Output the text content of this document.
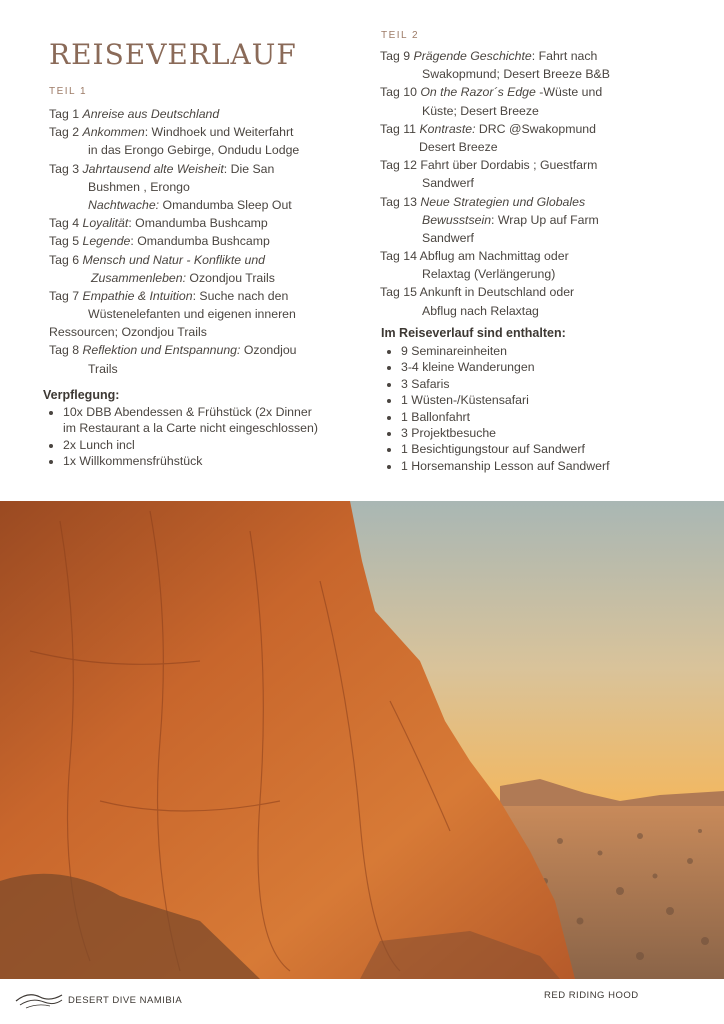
REISEVERLAUF
TEIL 1
Tag 1 Anreise aus Deutschland
Tag 2 Ankommen: Windhoek und Weiterfahrt
in das Erongo Gebirge, Ondudu Lodge
Tag 3 Jahrtausend alte Weisheit: Die San
Bushmen , Erongo
Nachtwache: Omandumba Sleep Out
Tag 4 Loyalität: Omandumba Bushcamp
Tag 5 Legende: Omandumba Bushcamp
Tag 6 Mensch und Natur - Konflikte und
Zusammenleben: Ozondjou Trails
Tag 7 Empathie & Intuition: Suche nach den
Wüstenelefanten und eigenen inneren
Ressourcen; Ozondjou Trails
Tag 8 Reflektion und Entspannung: Ozondjou
Trails
Verpflegung:
• 10x DBB Abendessen & Frühstück (2x Dinner
im Restaurant a la Carte nicht eingeschlossen)
• 2x Lunch incl
• 1x Willkommensfrühstück
TEIL 2
Tag 9 Prägende Geschichte: Fahrt nach
Swakopmund; Desert Breeze B&B
Tag 10 On the Razor´s Edge -Wüste und
Küste; Desert Breeze
Tag 11 Kontraste: DRC @Swakopmund
Desert Breeze
Tag 12 Fahrt über Dordabis ; Guestfarm
Sandwerf
Tag 13 Neue Strategien und Globales
Bewusstsein: Wrap Up auf Farm
Sandwerf
Tag 14 Abflug am Nachmittag oder
Relaxtag (Verlängerung)
Tag 15 Ankunft in Deutschland oder
Abflug nach Relaxtag
Im Reiseverlauf sind enthalten:
• 9 Seminareinheiten
• 3-4 kleine Wanderungen
• 3 Safaris
• 1 Wüsten-/Küstensafari
• 1 Ballonfahrt
• 3 Projektbesuche
• 1 Besichtigungstour auf Sandwerf
• 1 Horsemanship Lesson auf Sandwerf
DESERT DIVE NAMIBIA	RED RIDING HOOD
